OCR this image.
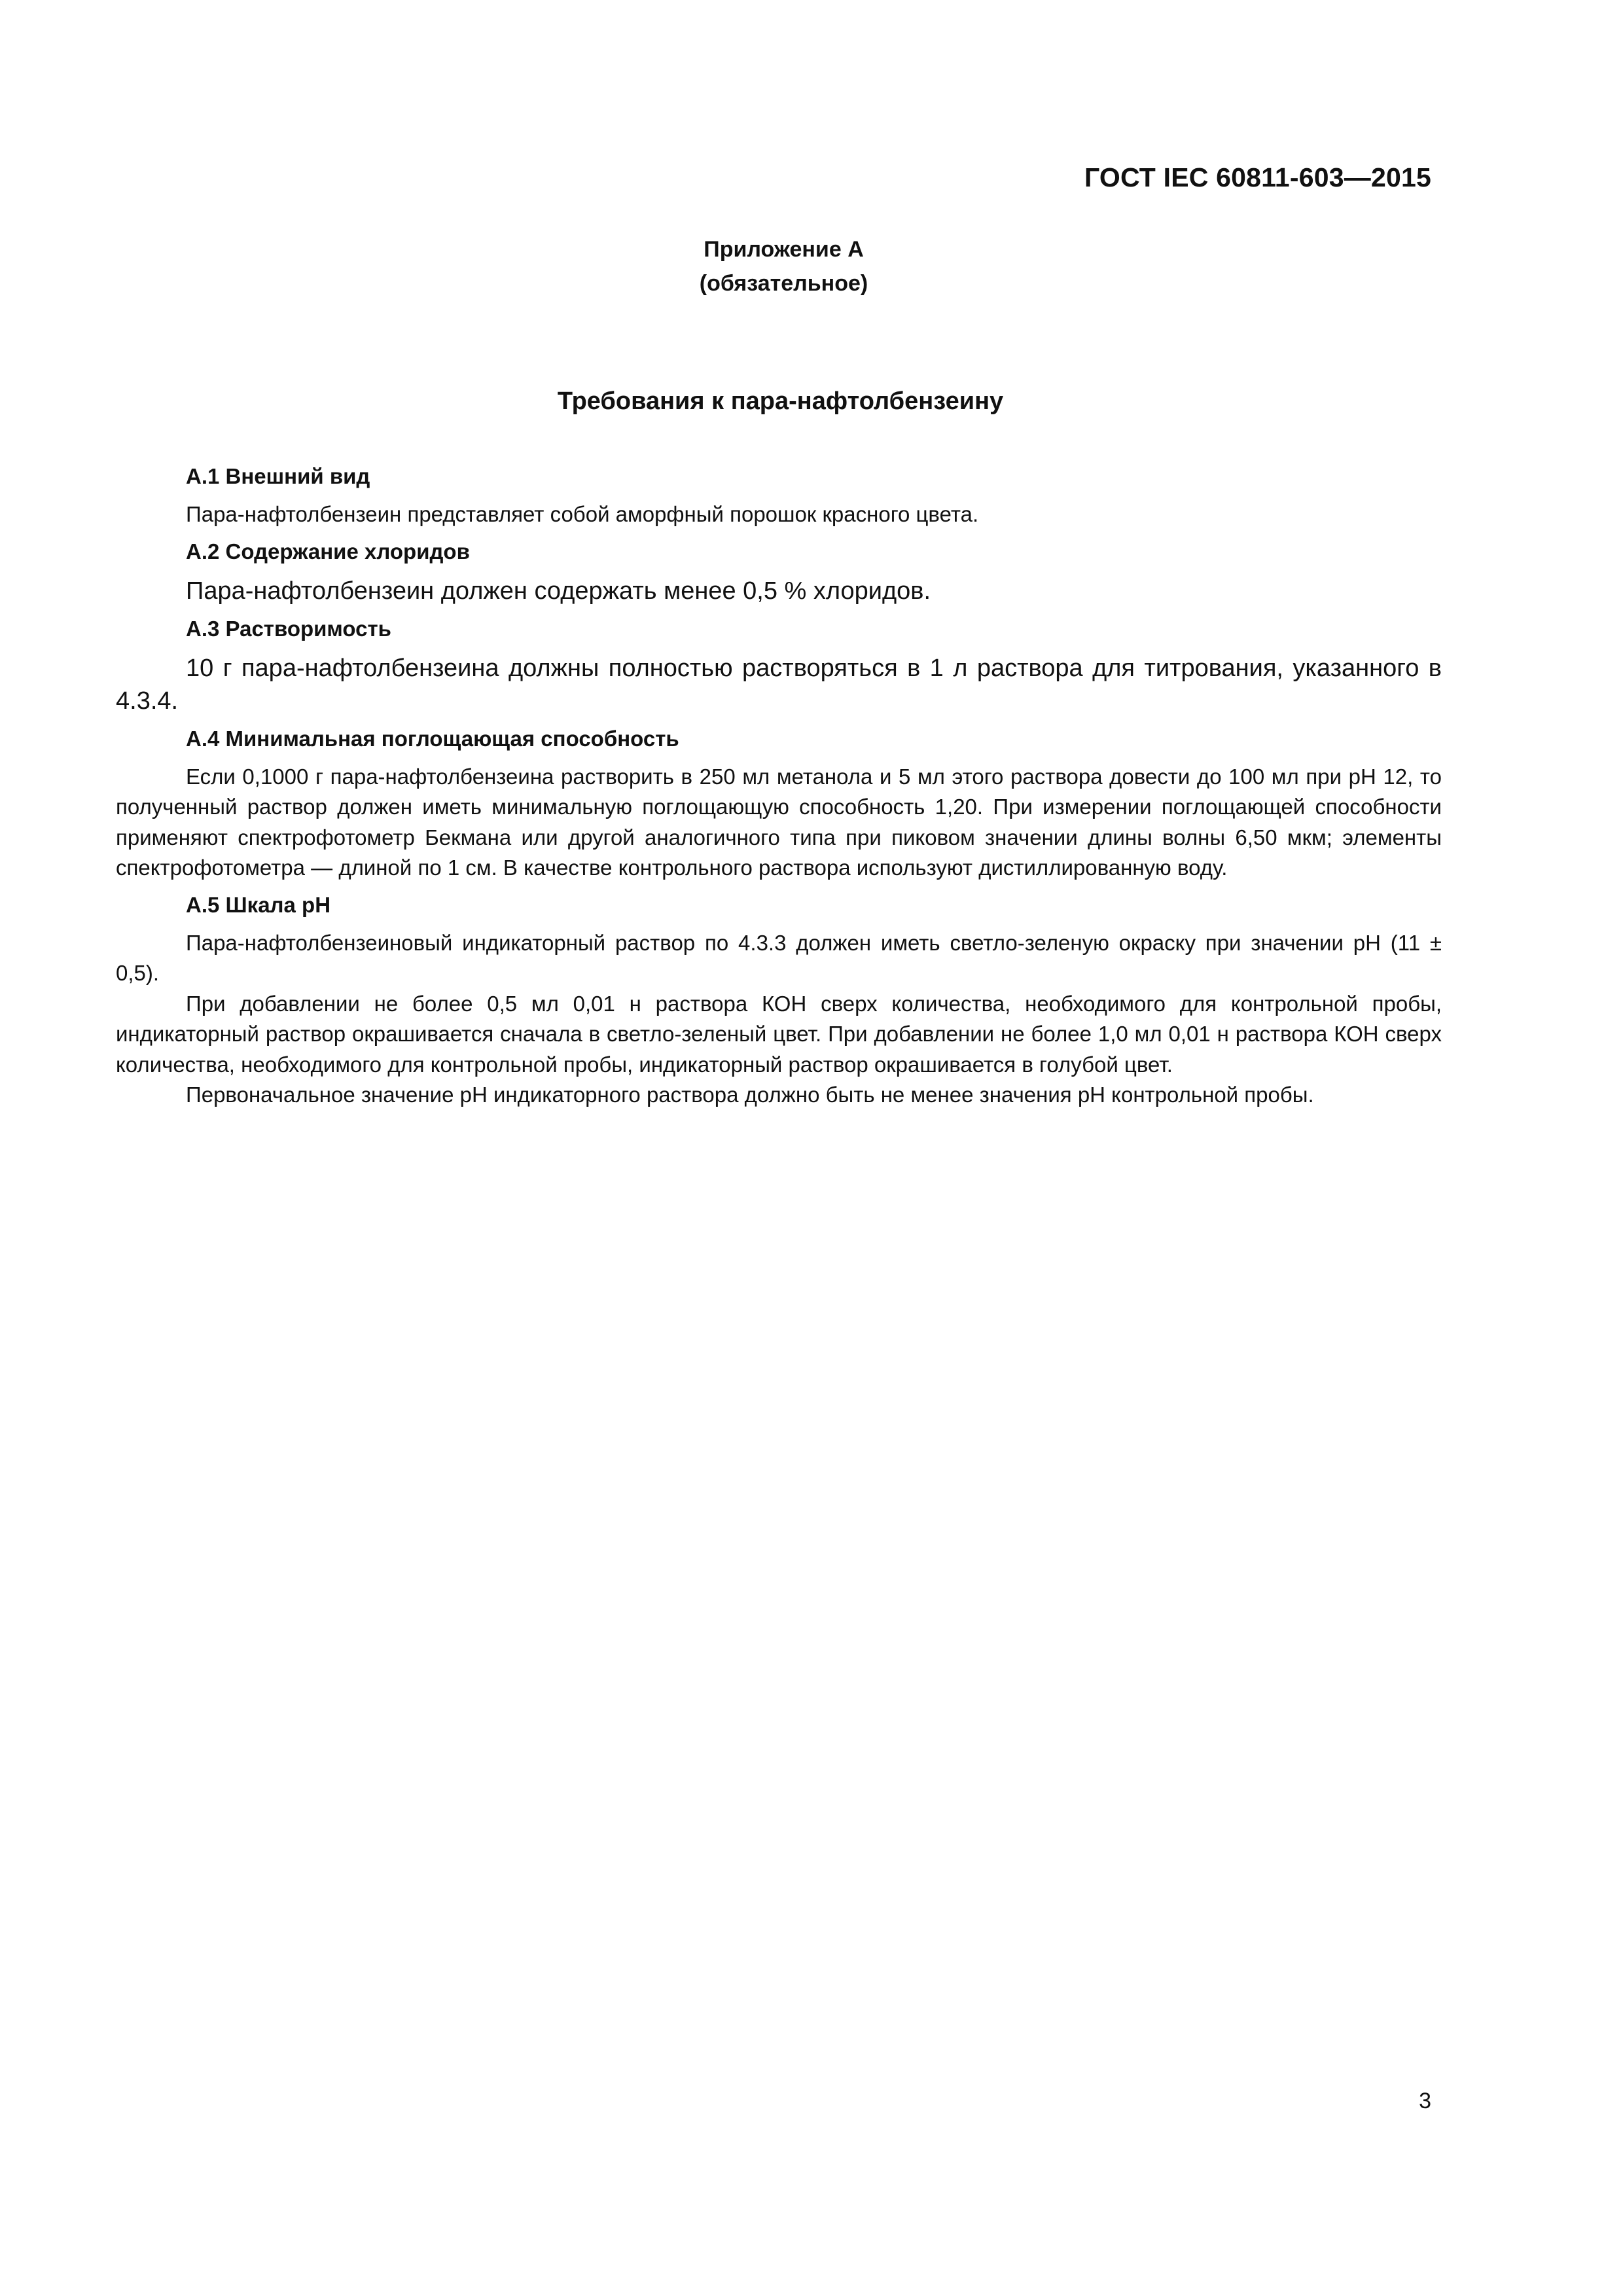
ГОСТ IEC 60811-603—2015
Приложение А
(обязательное)
Требования к пара-нафтолбензеину
А.1 Внешний вид

Пара-нафтолбензеин представляет собой аморфный порошок красного цвета.

А.2 Содержание хлоридов

Пара-нафтолбензеин должен содержать менее 0,5 % хлоридов.

А.3 Растворимость

10 г пара-нафтолбензеина должны полностью растворяться в 1 л раствора для титрования, указанного в 4.3.4.

А.4 Минимальная поглощающая способность

Если 0,1000 г пара-нафтолбензеина растворить в 250 мл метанола и 5 мл этого раствора довести до 100 мл при pH 12, то полученный раствор должен иметь минимальную поглощающую способность 1,20. При измерении поглощающей способности применяют спектрофотометр Бекмана или другой аналогичного типа при пиковом значении длины волны 6,50 мкм; элементы спектрофотометра — длиной по 1 см. В качестве контрольного раствора используют дистиллированную воду.

А.5 Шкала pH

Пара-нафтолбензеиновый индикаторный раствор по 4.3.3 должен иметь светло-зеленую окраску при значении pH (11 ± 0,5).

При добавлении не более 0,5 мл 0,01 н раствора КОН сверх количества, необходимого для контрольной пробы, индикаторный раствор окрашивается сначала в светло-зеленый цвет. При добавлении не более 1,0 мл 0,01 н раствора КОН сверх количества, необходимого для контрольной пробы, индикаторный раствор окрашивается в голубой цвет.

Первоначальное значение pH индикаторного раствора должно быть не менее значения pH контрольной пробы.

3
